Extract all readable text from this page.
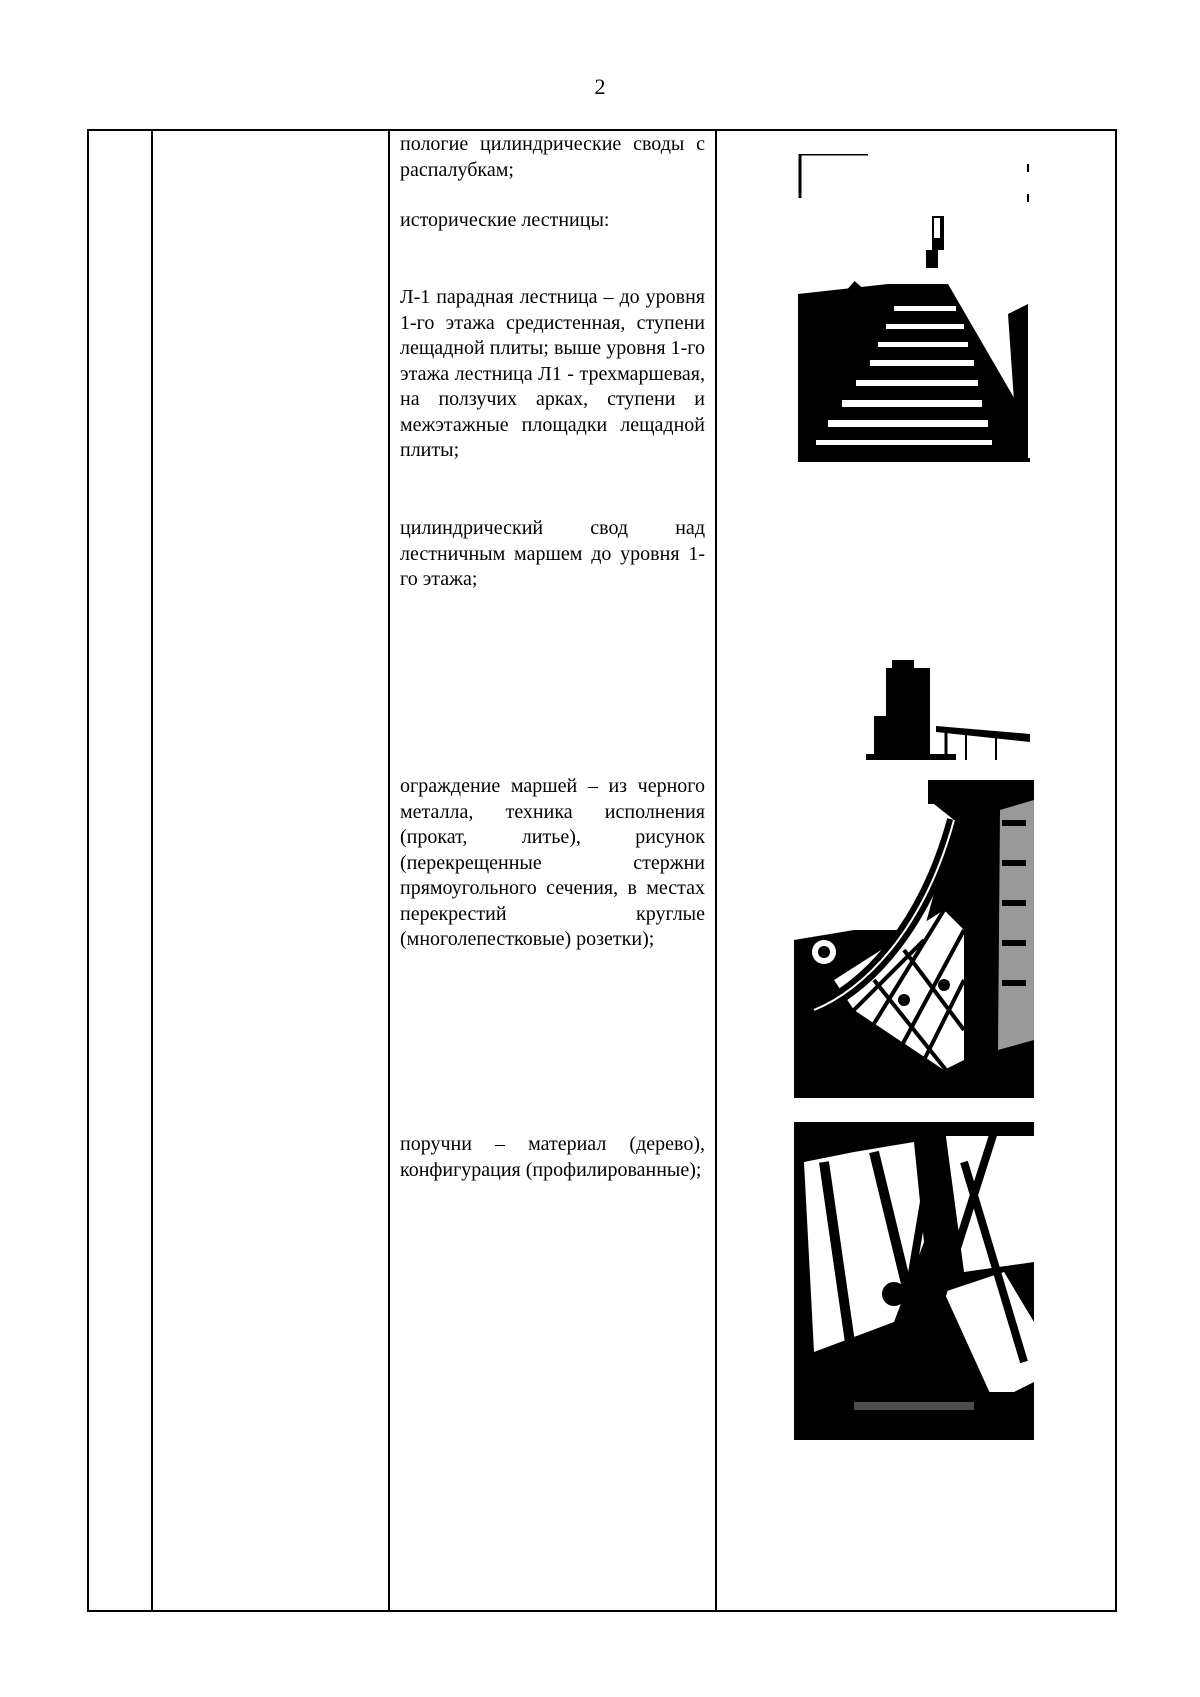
2

пологие цилиндрические своды с распалубкам;

исторические лестницы:

Л-1 парадная лестница – до уровня 1-го этажа средистенная, ступени лещадной плиты; выше уровня 1-го этажа лестница Л1 - трехмаршевая, на ползучих арках, ступени и межэтажные площадки лещадной плиты;

цилиндрический свод над лестничным маршем до уровня 1-го этажа;

ограждение маршей – из черного металла, техника исполнения (прокат, литье), рисунок (перекрещенные стержни прямоугольного сечения, в местах перекрестий круглые (многолепестковые) розетки);

поручни – материал (дерево), конфигурация (профилированные);
